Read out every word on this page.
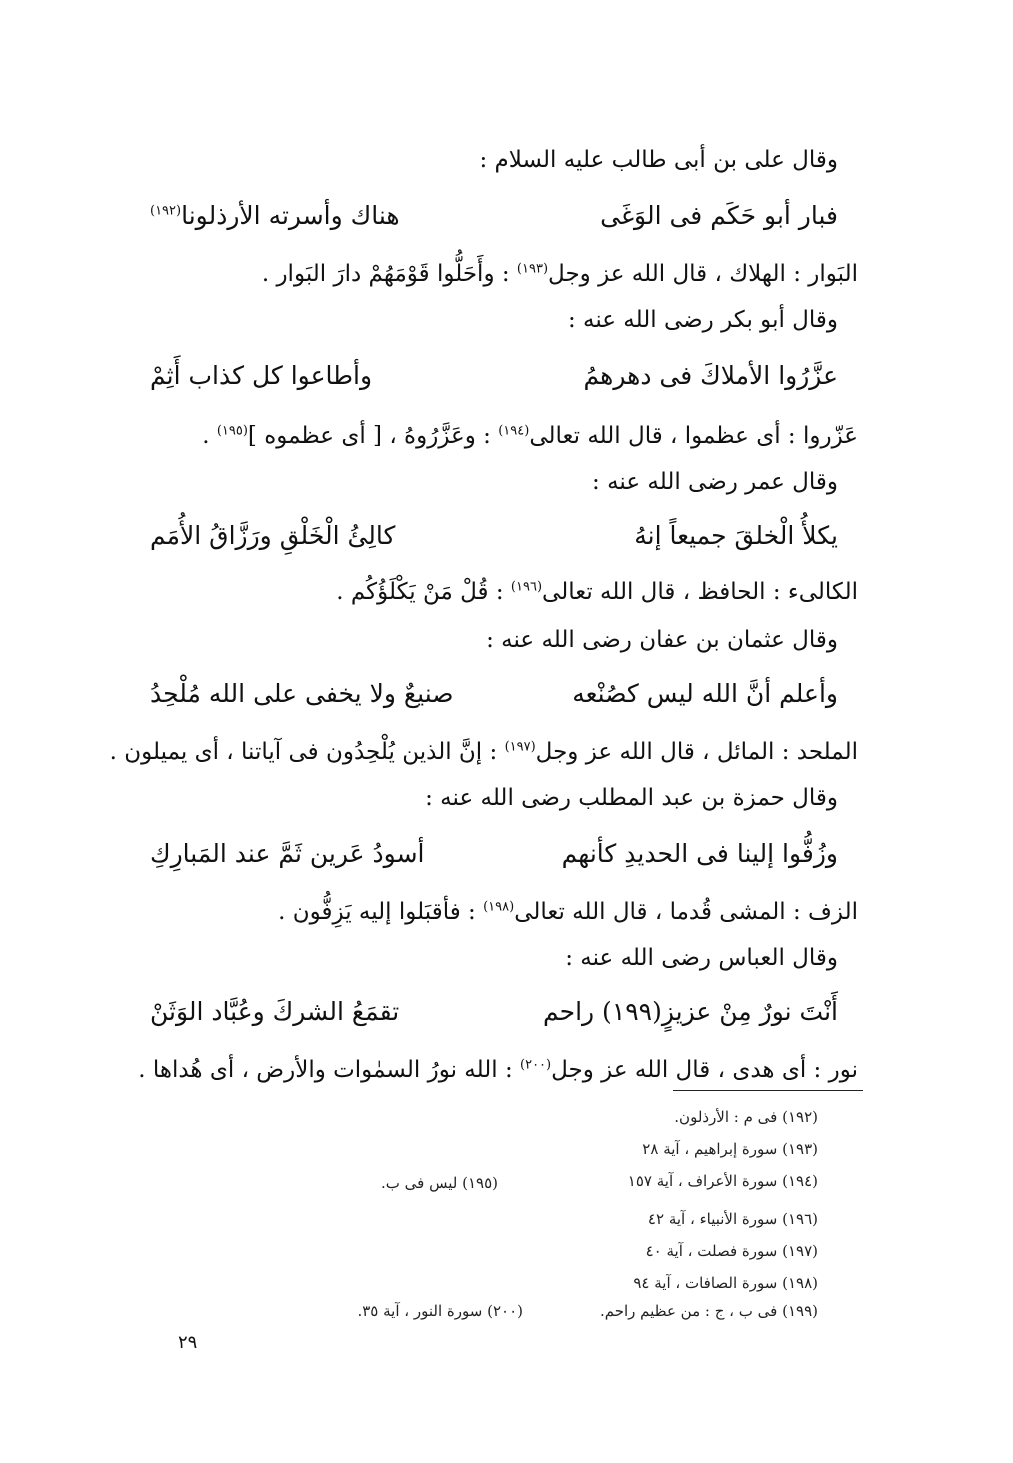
وقال على بن أبى طالب عليه السلام :
فبار أبو حَكَم فى الوَغَى
هناك وأسرته الأرذلونا$^{(١٩٢)}$
البَوار : الهلاك ، قال الله عز وجل$^{(١٩٣)}$ : وأَحَلُّوا قَوْمَهُمْ دارَ البَوار .
وقال أبو بكر رضى الله عنه :
عزَّرُوا الأملاكَ فى دهرهمُ
وأطاعوا كل كذاب أَثِمْ
عَزّروا : أى عظموا ، قال الله تعالى$^{(١٩٤)}$ : وعَزَّرُوهُ ، [ أى عظموه ]$^{(١٩٥)}$ .
وقال عمر رضى الله عنه :
يكلأُ الْخلقَ جميعاً إنهُ
كالِئُ الْخَلْقِ ورَزَّاقُ الأُمَم
الكالىء : الحافظ ، قال الله تعالى$^{(١٩٦)}$ : قُلْ مَنْ يَكْلَؤُكُم .
وقال عثمان بن عفان رضى الله عنه :
وأعلم أنَّ الله ليس كصُنْعه
صنيعٌ ولا يخفى على الله مُلْحِدُ
الملحد : المائل ، قال الله عز وجل$^{(١٩٧)}$ : إنَّ الذين يُلْحِدُون فى آياتنا ، أى يميلون .
وقال حمزة بن عبد المطلب رضى الله عنه :
وزُفُّوا إلينا فى الحديدِ كأنهم
أسودُ عَرين ثَمَّ عند المَبارِكِ
الزف : المشى قُدما ، قال الله تعالى$^{(١٩٨)}$ : فأقبَلوا إليه يَزِفُّون .
وقال العباس رضى الله عنه :
أَنْتَ نورٌ مِنْ عزيزٍ(١٩٩) راحم
تقمَعُ الشركَ وعُبَّاد الوَثَنْ
نور : أى هدى ، قال الله عز وجل$^{(٢٠٠)}$ : الله نورُ السمٰوات والأرض ، أى هُداها .
(١٩٢) فى م : الأرذلون.
(١٩٣) سورة إبراهيم ، آية ٢٨
(١٩٤) سورة الأعراف ، آية ١٥٧
(١٩٦) سورة الأنبياء ، آية ٤٢
(١٩٧) سورة فصلت ، آية ٤٠
(١٩٨) سورة الصافات ، آية ٩٤
(١٩٩) فى ب ، ج : من عظيم راحم.
(١٩٥) ليس فى ب.
(٢٠٠) سورة النور ، آية ٣٥.
٢٩
